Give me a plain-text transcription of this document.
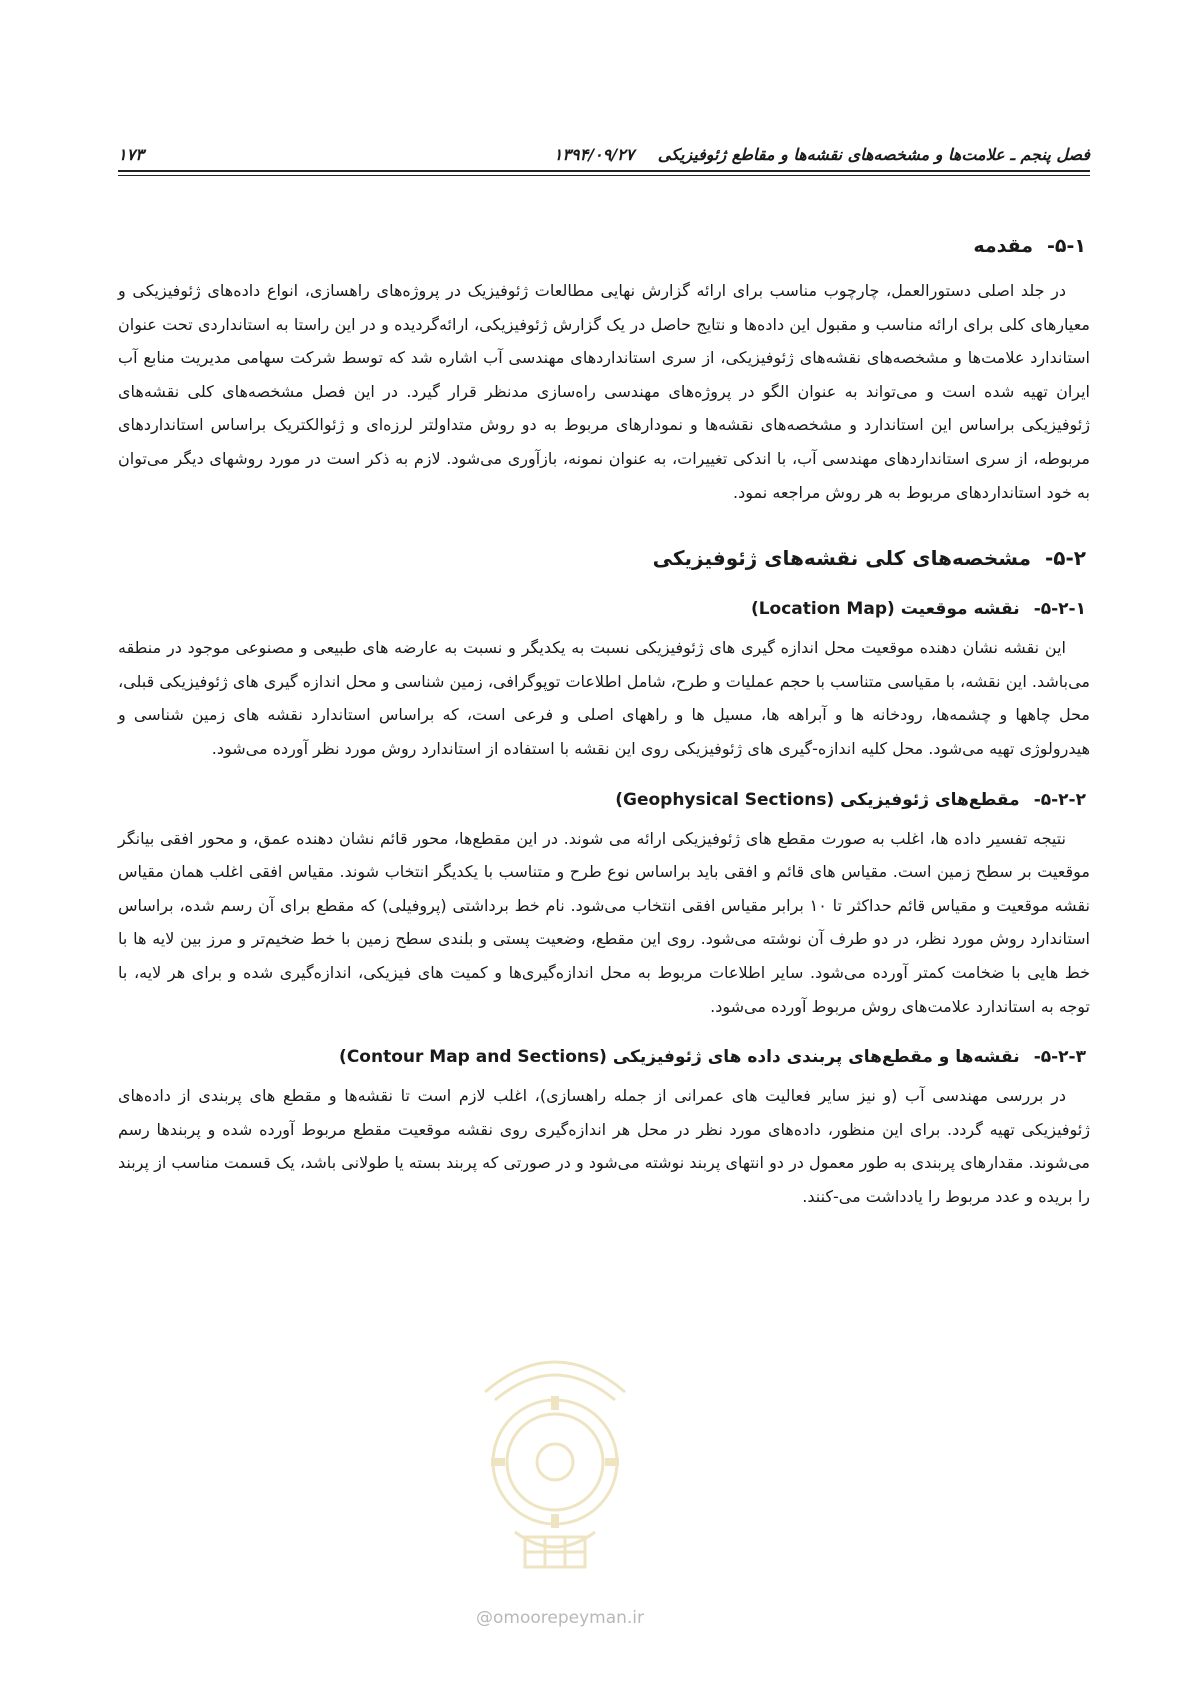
فصل پنجم ـ علامت‌ها و مشخصه‌های نقشه‌ها و مقاطع ژئوفیزیکی ۱۳۹۴/۰۹/۲۷
۱۷۳
۵-۱-مقدمه

در جلد اصلی دستورالعمل، چارچوب مناسب برای ارائه گزارش نهایی مطالعات ژئوفیزیک در پروژه‌های راهسازی، انواع داده‌های ژئوفیزیکی و معیارهای کلی برای ارائه مناسب و مقبول این داده‌ها و نتایج حاصل در یک گزارش ژئوفیزیکی، ارائه‌گردیده و در این راستا به استانداردی تحت عنوان استاندارد علامت‌ها و مشخصه‌های نقشه‌های ژئوفیزیکی، از سری استانداردهای مهندسی آب اشاره شد که توسط شرکت سهامی مدیریت منابع آب ایران تهیه شده است و می‌تواند به عنوان الگو در پروژه‌های مهندسی راه‌سازی مدنظر قرار گیرد. در این فصل مشخصه‌های کلی نقشه‌های ژئوفیزیکی براساس این استاندارد و مشخصه‌های نقشه‌ها و نمودارهای مربوط به دو روش متداولتر لرزه‌ای و ژئوالکتریک براساس استانداردهای مربوطه، از سری استانداردهای مهندسی آب، با اندکی تغییرات، به عنوان نمونه، بازآوری می‌شود. لازم به ذکر است در مورد روشهای دیگر می‌توان به خود استانداردهای مربوط به هر روش مراجعه نمود.

۵-۲-مشخصه‌های کلی نقشه‌های ژئوفیزیکی
۵-۲-۱-نقشه موقعیت (Location Map)

این نقشه نشان دهنده موقعیت محل اندازه گیری های ژئوفیزیکی نسبت به یکدیگر و نسبت به عارضه های طبیعی و مصنوعی موجود در منطقه می‌باشد. این نقشه، با مقیاسی متناسب با حجم عملیات و طرح، شامل اطلاعات توپوگرافی، زمین شناسی و محل اندازه گیری های ژئوفیزیکی قبلی، محل چاهها و چشمه‌ها، رودخانه ها و آبراهه ها، مسیل ها و راههای اصلی و فرعی است، که براساس استاندارد نقشه های زمین شناسی و هیدرولوژی تهیه می‌شود. محل کلیه اندازه-گیری های ژئوفیزیکی روی این نقشه با استفاده از استاندارد روش مورد نظر آورده می‌شود.

۵-۲-۲-مقطع‌های ژئوفیزیکی (Geophysical Sections)

نتیجه تفسیر داده ها، اغلب به صورت مقطع های ژئوفیزیکی ارائه می شوند. در این مقطع‌ها، محور قائم نشان دهنده عمق، و محور افقی بیانگر موقعیت بر سطح زمین است. مقیاس های قائم و افقی باید براساس نوع طرح و متناسب با یکدیگر انتخاب شوند. مقیاس افقی اغلب همان مقیاس نقشه موقعیت و مقیاس قائم حداکثر تا ۱۰ برابر مقیاس افقی انتخاب می‌شود. نام خط برداشتی (پروفیلی) که مقطع برای آن رسم شده، براساس استاندارد روش مورد نظر، در دو طرف آن نوشته می‌شود. روی این مقطع، وضعیت پستی و بلندی سطح زمین با خط ضخیم‌تر و مرز بین لایه ها با خط هایی با ضخامت کمتر آورده می‌شود. سایر اطلاعات مربوط به محل اندازه‌گیری‌ها و کمیت های فیزیکی، اندازه‌گیری شده و برای هر لایه، با توجه به استاندارد علامت‌های روش مربوط آورده می‌شود.

۵-۲-۳-نقشه‌ها و مقطع‌های پربندی داده های ژئوفیزیکی (Contour Map and Sections)

در بررسی مهندسی آب (و نیز سایر فعالیت های عمرانی از جمله راهسازی)، اغلب لازم است تا نقشه‌ها و مقطع های پربندی از داده‌های ژئوفیزیکی تهیه گردد. برای این منظور، داده‌های مورد نظر در محل هر اندازه‌گیری روی نقشه موقعیت مقطع مربوط آورده شده و پربندها رسم می‌شوند. مقدارهای پربندی به طور معمول در دو انتهای پربند نوشته می‌شود و در صورتی که پربند بسته یا طولانی باشد، یک قسمت مناسب از پربند را بریده و عدد مربوط را یادداشت می-کنند.

@omoorepeyman.ir
